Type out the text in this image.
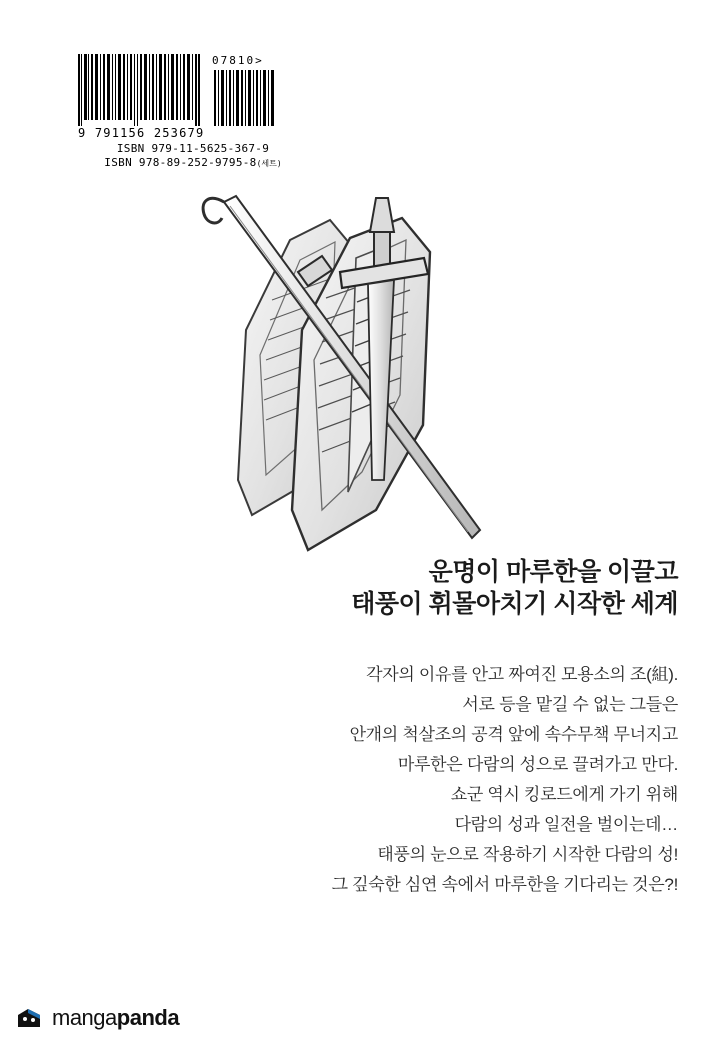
07810>
9 791156 253679
ISBN 979-11-5625-367-9
ISBN 978-89-252-9795-8(세트)
운명이 마루한을 이끌고
태풍이 휘몰아치기 시작한 세계
각자의 이유를 안고 짜여진 모용소의 조(組).
서로 등을 맡길 수 없는 그들은
안개의 척살조의 공격 앞에 속수무책 무너지고
마루한은 다람의 성으로 끌려가고 만다.
쇼군 역시 킹로드에게 가기 위해
다람의 성과 일전을 벌이는데…
태풍의 눈으로 작용하기 시작한 다람의 성!
그 깊숙한 심연 속에서 마루한을 기다리는 것은?!
mangapanda
